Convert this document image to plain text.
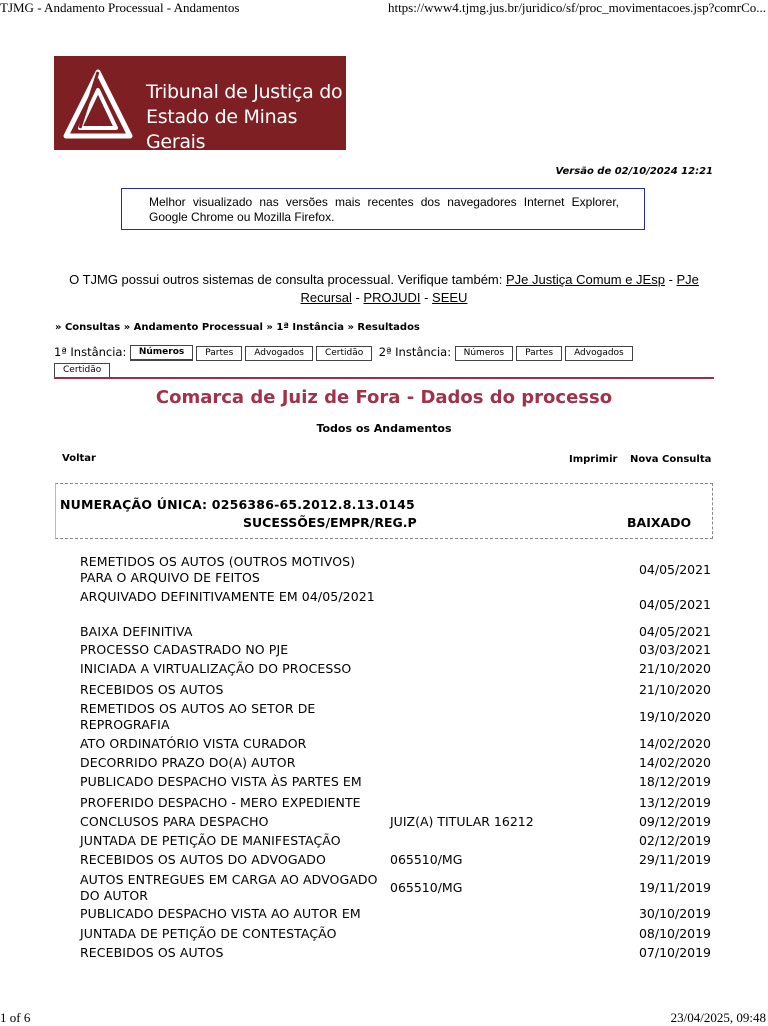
TJMG - Andamento Processual - Andamentos	https://www4.tjmg.jus.br/juridico/sf/proc_movimentacoes.jsp?comrCo...
1 of 6	23/04/2025, 09:48
Tribunal de Justiça do
Estado de Minas Gerais
Versão de 02/10/2024 12:21
Melhor visualizado nas versões mais recentes dos navegadores Internet Explorer, Google Chrome ou Mozilla Firefox.
O TJMG possui outros sistemas de consulta processual. Verifique também: PJe Justiça Comum e JEsp - PJe Recursal - PROJUDI - SEEU
» Consultas » Andamento Processual » 1ª Instância » Resultados
1ª Instância: Números Partes Advogados Certidão 2ª Instância: Números Partes Advogados
Certidão
Comarca de Juiz de Fora - Dados do processo
Todos os Andamentos
Voltar	Imprimir Nova Consulta
NUMERAÇÃO ÚNICA: 0256386-65.2012.8.13.0145
SUCESSÕES/EMPR/REG.P	BAIXADO
REMETIDOS OS AUTOS (OUTROS MOTIVOS) PARA O ARQUIVO DE FEITOS
04/05/2021
ARQUIVADO DEFINITIVAMENTE EM 04/05/2021
04/05/2021
BAIXA DEFINITIVA	04/05/2021
PROCESSO CADASTRADO NO PJE	03/03/2021
INICIADA A VIRTUALIZAÇÃO DO PROCESSO	21/10/2020
RECEBIDOS OS AUTOS	21/10/2020
REMETIDOS OS AUTOS AO SETOR DE REPROGRAFIA
19/10/2020
ATO ORDINATÓRIO VISTA CURADOR	14/02/2020
DECORRIDO PRAZO DO(A) AUTOR	14/02/2020
PUBLICADO DESPACHO VISTA ÀS PARTES EM	18/12/2019
PROFERIDO DESPACHO - MERO EXPEDIENTE	13/12/2019
CONCLUSOS PARA DESPACHO	JUIZ(A) TITULAR 16212	09/12/2019
JUNTADA DE PETIÇÃO DE MANIFESTAÇÃO	02/12/2019
RECEBIDOS OS AUTOS DO ADVOGADO	065510/MG	29/11/2019
AUTOS ENTREGUES EM CARGA AO ADVOGADO DO AUTOR
065510/MG	19/11/2019
PUBLICADO DESPACHO VISTA AO AUTOR EM	30/10/2019
JUNTADA DE PETIÇÃO DE CONTESTAÇÃO	08/10/2019
RECEBIDOS OS AUTOS	07/10/2019
